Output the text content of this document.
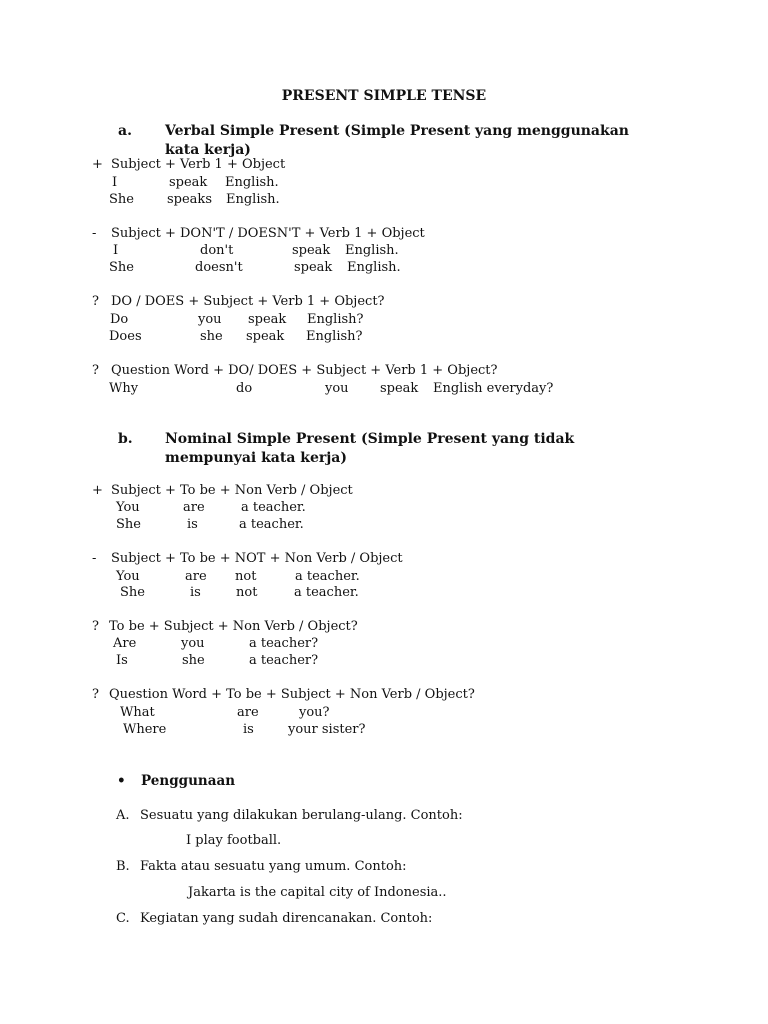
PRESENT SIMPLE TENSE
a. Verbal Simple Present (Simple Present yang menggunakan kata kerja)
+ Subject + Verb 1 + Object
I	speak English.
She	speaks English.
- Subject + DON'T / DOESN'T + Verb 1 + Object
I	don't	speak English.
She	doesn't	speak English.
? DO / DOES + Subject + Verb 1 + Object?
Do	you speak English?
Does	she speak English?
? Question Word + DO/ DOES + Subject + Verb 1 + Object?
Why	do	you speak English everyday?
b. Nominal Simple Present (Simple Present yang tidak mempunyai kata kerja)
+ Subject + To be + Non Verb / Object
You	are	a teacher.
She	is	a teacher.
- Subject + To be + NOT + Non Verb / Object
You	are not	a teacher.
She	is	not	a teacher.
? To be + Subject + Non Verb / Object?
Are	you	a teacher?
Is	she	a teacher?
? Question Word + To be + Subject + Non Verb / Object?
What	are	you?
Where	is	your sister?
• Penggunaan
A. Sesuatu yang dilakukan berulang-ulang. Contoh:
I play football.
B. Fakta atau sesuatu yang umum. Contoh:
Jakarta is the capital city of Indonesia..
C. Kegiatan yang sudah direncanakan. Contoh:
